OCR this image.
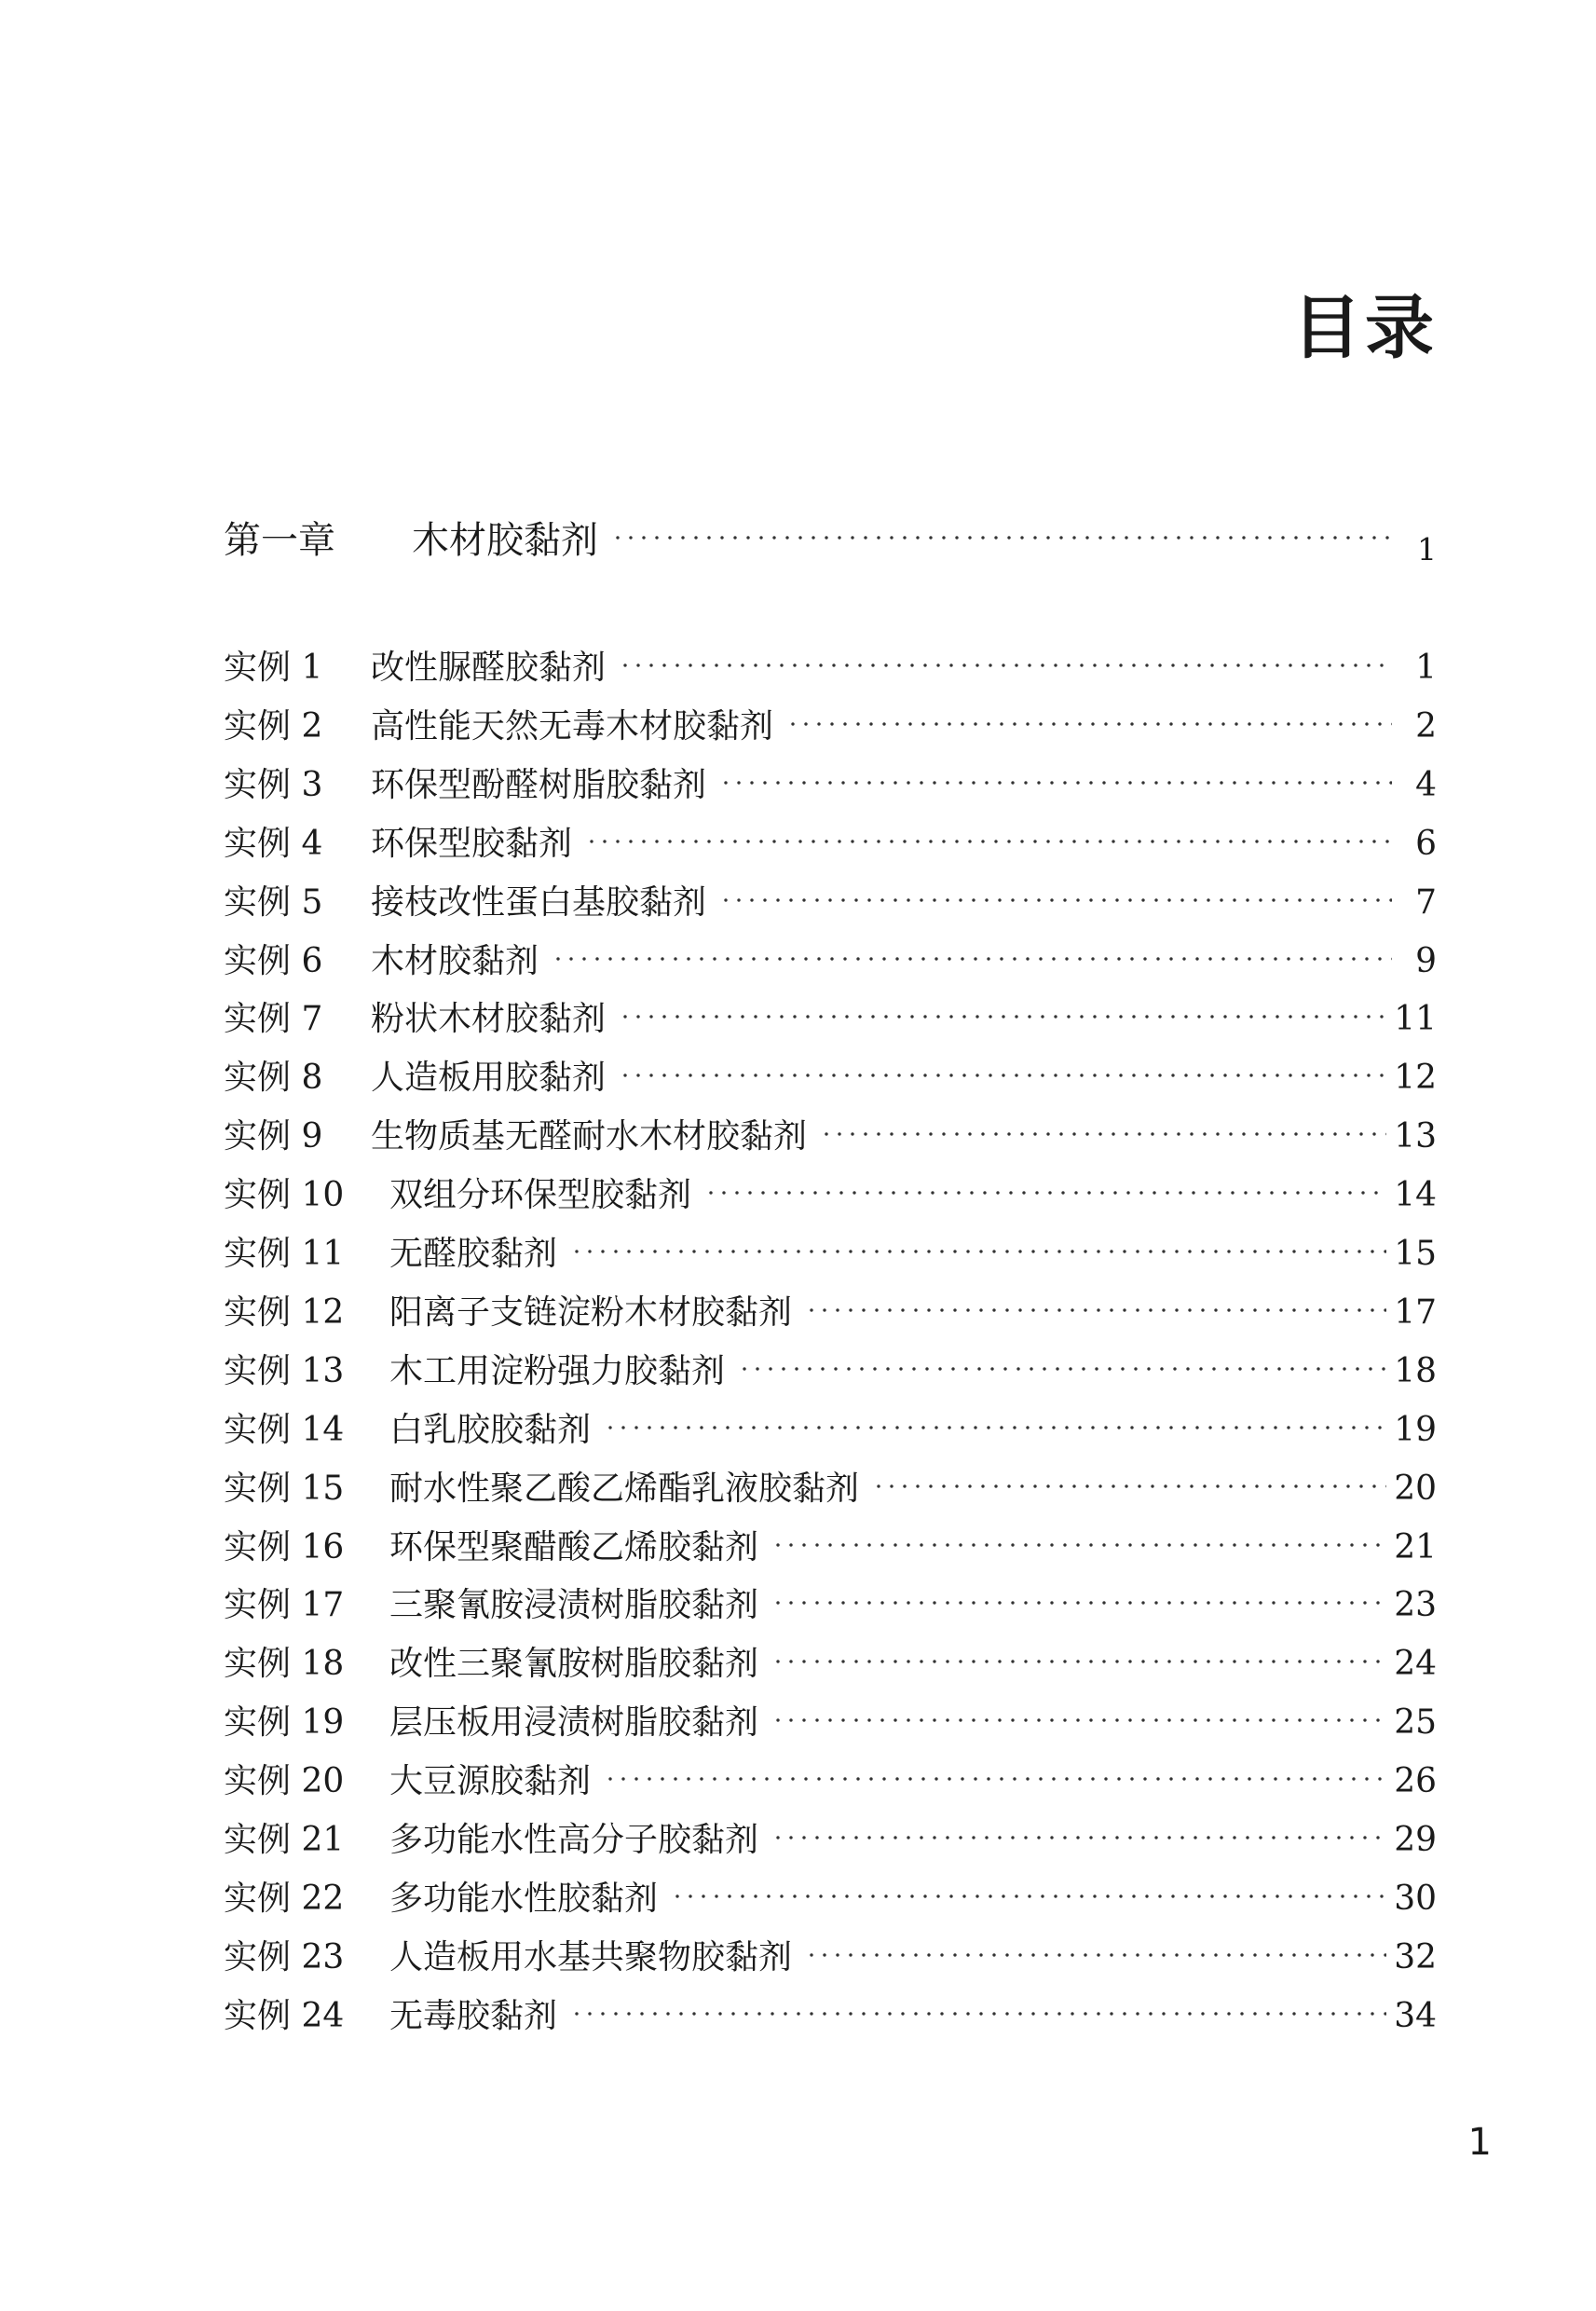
目录
第一章	木材胶黏剂	1
实例 1	改性脲醛胶黏剂	1
实例 2	高性能天然无毒木材胶黏剂	2
实例 3	环保型酚醛树脂胶黏剂	4
实例 4	环保型胶黏剂	6
实例 5	接枝改性蛋白基胶黏剂	7
实例 6	木材胶黏剂	9
实例 7	粉状木材胶黏剂	11
实例 8	人造板用胶黏剂	12
实例 9	生物质基无醛耐水木材胶黏剂	13
实例 10	双组分环保型胶黏剂	14
实例 11	无醛胶黏剂	15
实例 12	阳离子支链淀粉木材胶黏剂	17
实例 13	木工用淀粉强力胶黏剂	18
实例 14	白乳胶胶黏剂	19
实例 15	耐水性聚乙酸乙烯酯乳液胶黏剂	20
实例 16	环保型聚醋酸乙烯胶黏剂	21
实例 17	三聚氰胺浸渍树脂胶黏剂	23
实例 18	改性三聚氰胺树脂胶黏剂	24
实例 19	层压板用浸渍树脂胶黏剂	25
实例 20	大豆源胶黏剂	26
实例 21	多功能水性高分子胶黏剂	29
实例 22	多功能水性胶黏剂	30
实例 23	人造板用水基共聚物胶黏剂	32
实例 24	无毒胶黏剂	34
1
